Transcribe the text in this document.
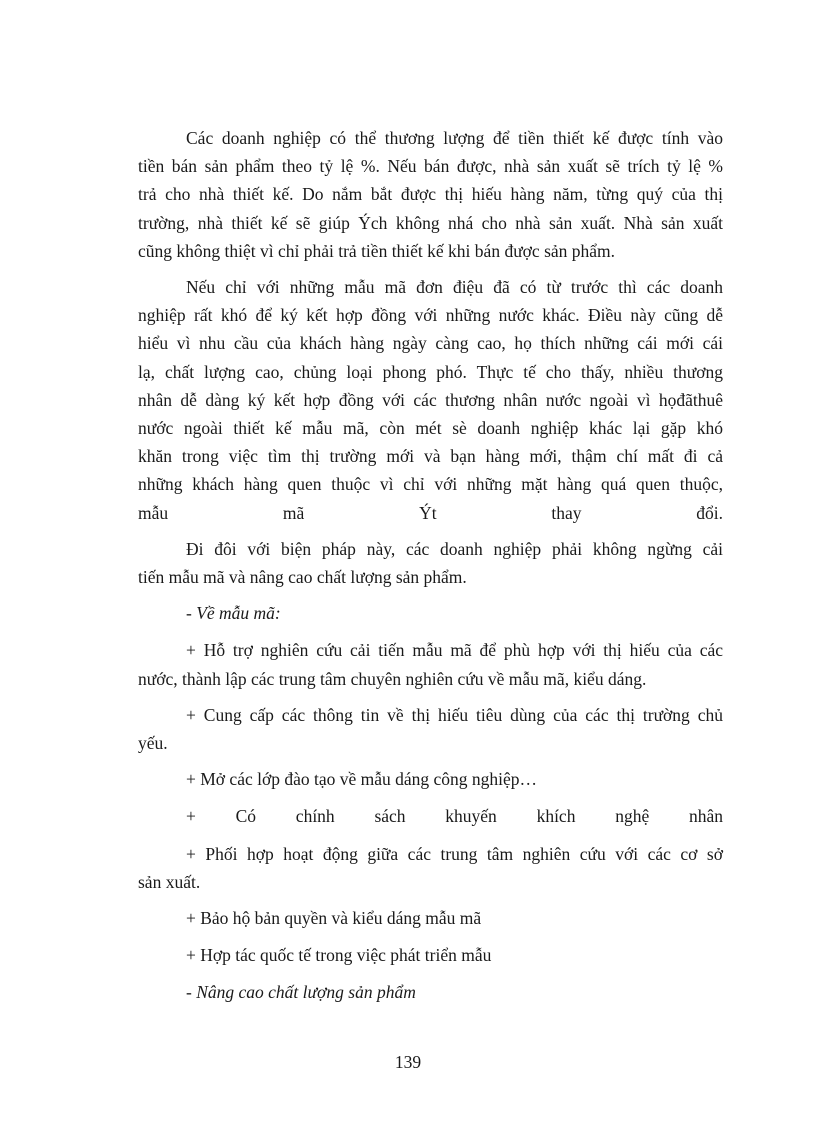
Các doanh nghiệp có thể thương lượng để tiền thiết kế được tính vào
tiền bán sản phẩm theo tỷ lệ %. Nếu bán được, nhà sản xuất sẽ trích tỷ lệ %
trả cho nhà thiết kế. Do nắm bắt được thị hiếu hàng năm, từng quý của thị
trường, nhà thiết kế sẽ giúp Ých không nhá cho nhà sản xuất. Nhà sản xuất
cũng không thiệt vì chỉ phải trả tiền thiết kế khi bán được sản phẩm.
Nếu chỉ với những mẫu mã đơn điệu đã có từ trước thì các doanh
nghiệp rất khó để ký kết hợp đồng với những nước khác. Điều này cũng dễ
hiểu vì nhu cầu của khách hàng ngày càng cao, họ thích những cái mới cái
lạ, chất lượng cao, chủng loại phong phó. Thực tế cho thấy, nhiều thương
nhân dễ dàng ký kết hợp đồng với các thương nhân nước ngoài vì họđãthuê
nước ngoài thiết kế mẫu mã, còn mét sè doanh nghiệp khác lại gặp khó
khăn trong việc tìm thị trường mới và bạn hàng mới, thậm chí mất đi cả
những khách hàng quen thuộc vì chỉ với những mặt hàng quá quen thuộc,
mẫu mã Ýt thay đổi.
Đi đôi với biện pháp này, các doanh nghiệp phải không ngừng cải
tiến mẫu mã và nâng cao chất lượng sản phẩm.
- Về mẫu mã:
+ Hỗ trợ nghiên cứu cải tiến mẫu mã để phù hợp với thị hiếu của các
nước, thành lập các trung tâm chuyên nghiên cứu về mẫu mã, kiểu dáng.
+ Cung cấp các thông tin về thị hiếu tiêu dùng của các thị trường chủ
yếu.
+ Mở các lớp đào tạo về mẫu dáng công nghiệp…
+ Có chính sách khuyến khích nghệ nhân
+ Phối hợp hoạt động giữa các trung tâm nghiên cứu với các cơ sở
sản xuất.
+ Bảo hộ bản quyền và kiểu dáng mẫu mã
+ Hợp tác quốc tế trong việc phát triển mẫu
- Nâng cao chất lượng sản phẩm
139
